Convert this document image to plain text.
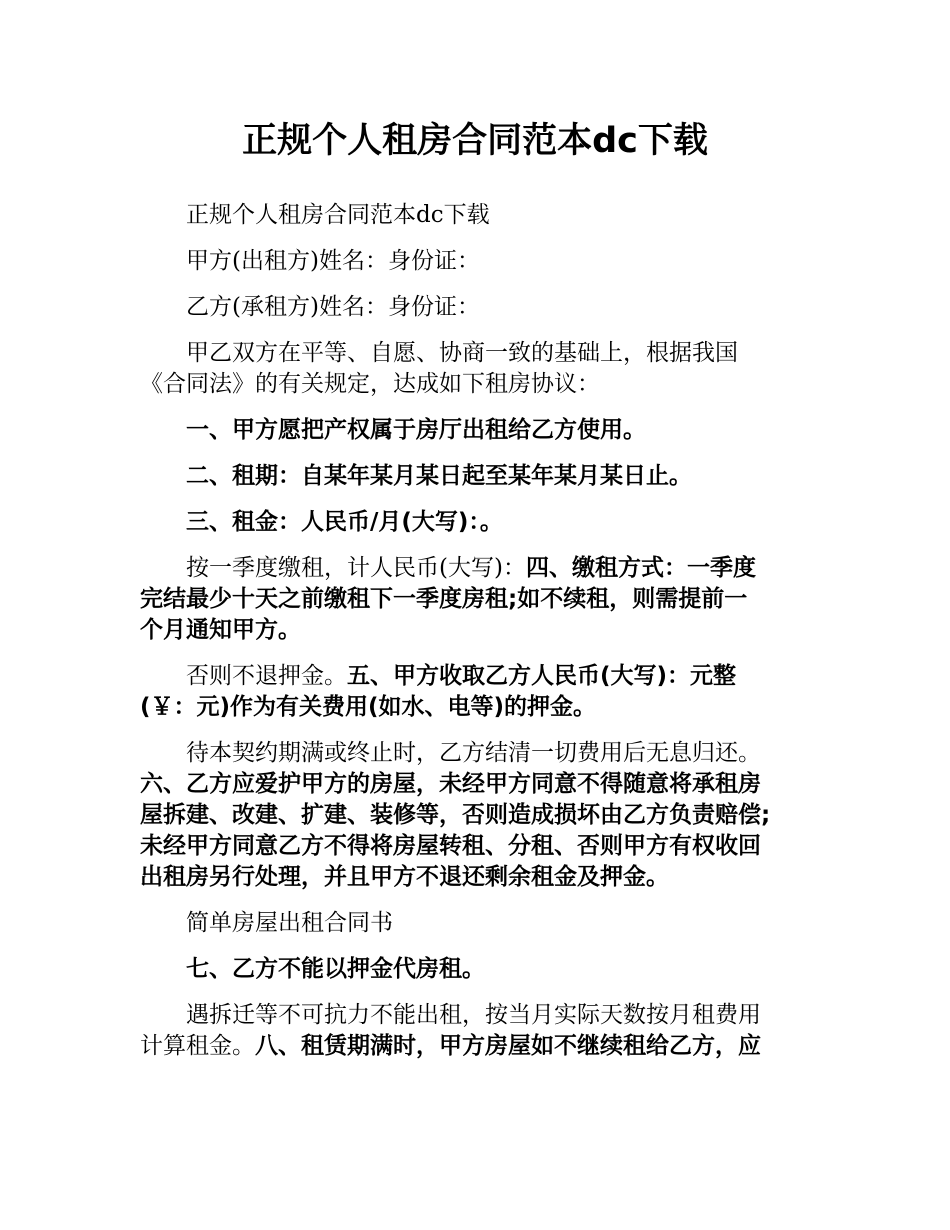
正规个人租房合同范本dc下载

正规个人租房合同范本dc下载

甲方(出租方)姓名：身份证：

乙方(承租方)姓名：身份证：

甲乙双方在平等、自愿、协商一致的基础上，根据我国
《合同法》的有关规定，达成如下租房协议：

一、甲方愿把产权属于房厅出租给乙方使用。

二、租期：自某年某月某日起至某年某月某日止。

三、租金：人民币/月(大写)：。

按一季度缴租，计人民币(大写)：四、缴租方式：一季度
完结最少十天之前缴租下一季度房租;如不续租，则需提前一
个月通知甲方。

否则不退押金。五、甲方收取乙方人民币(大写)：元整
(￥：元)作为有关费用(如水、电等)的押金。

待本契约期满或终止时，乙方结清一切费用后无息归还。
六、乙方应爱护甲方的房屋，未经甲方同意不得随意将承租房
屋拆建、改建、扩建、装修等，否则造成损坏由乙方负责赔偿;
未经甲方同意乙方不得将房屋转租、分租、否则甲方有权收回
出租房另行处理，并且甲方不退还剩余租金及押金。

简单房屋出租合同书

七、乙方不能以押金代房租。

遇拆迁等不可抗力不能出租，按当月实际天数按月租费用
计算租金。八、租赁期满时，甲方房屋如不继续租给乙方，应
